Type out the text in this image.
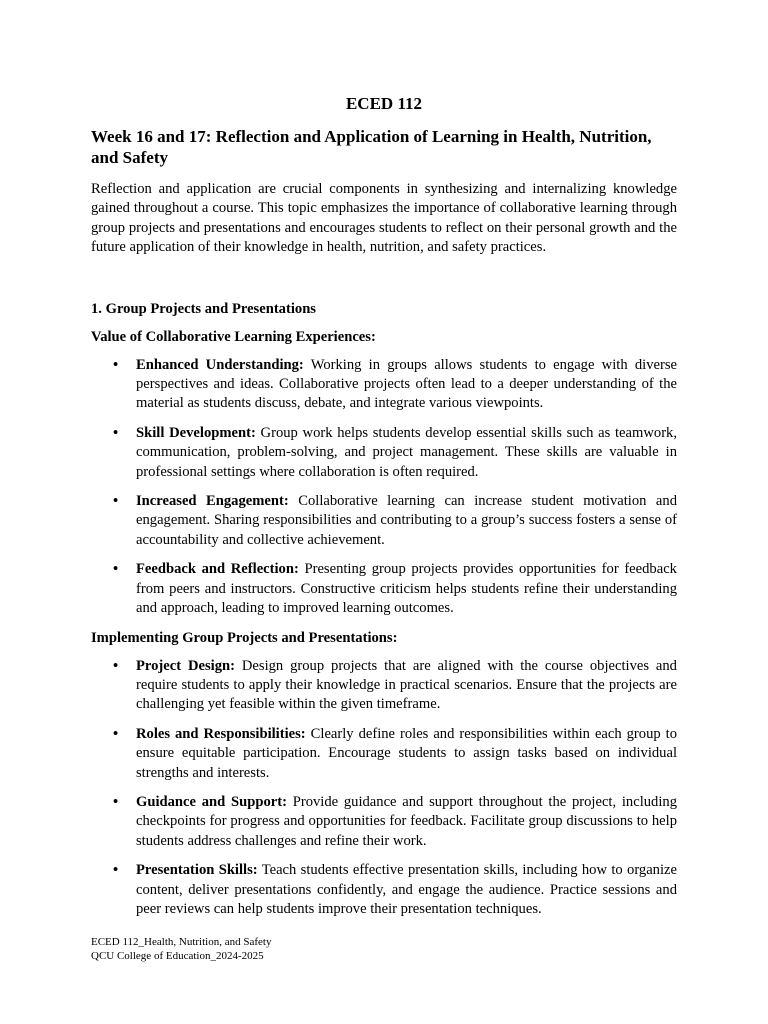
ECED 112
Week 16 and 17: Reflection and Application of Learning in Health, Nutrition, and Safety

Reflection and application are crucial components in synthesizing and internalizing knowledge gained throughout a course. This topic emphasizes the importance of collaborative learning through group projects and presentations and encourages students to reflect on their personal growth and the future application of their knowledge in health, nutrition, and safety practices.

1. Group Projects and Presentations
Value of Collaborative Learning Experiences:
• Enhanced Understanding: Working in groups allows students to engage with diverse perspectives and ideas. Collaborative projects often lead to a deeper understanding of the material as students discuss, debate, and integrate various viewpoints.
• Skill Development: Group work helps students develop essential skills such as teamwork, communication, problem-solving, and project management. These skills are valuable in professional settings where collaboration is often required.
• Increased Engagement: Collaborative learning can increase student motivation and engagement. Sharing responsibilities and contributing to a group’s success fosters a sense of accountability and collective achievement.
• Feedback and Reflection: Presenting group projects provides opportunities for feedback from peers and instructors. Constructive criticism helps students refine their understanding and approach, leading to improved learning outcomes.
Implementing Group Projects and Presentations:
• Project Design: Design group projects that are aligned with the course objectives and require students to apply their knowledge in practical scenarios. Ensure that the projects are challenging yet feasible within the given timeframe.
• Roles and Responsibilities: Clearly define roles and responsibilities within each group to ensure equitable participation. Encourage students to assign tasks based on individual strengths and interests.
• Guidance and Support: Provide guidance and support throughout the project, including checkpoints for progress and opportunities for feedback. Facilitate group discussions to help students address challenges and refine their work.
• Presentation Skills: Teach students effective presentation skills, including how to organize content, deliver presentations confidently, and engage the audience. Practice sessions and peer reviews can help students improve their presentation techniques.
ECED 112_Health, Nutrition, and Safety
QCU College of Education_2024-2025
